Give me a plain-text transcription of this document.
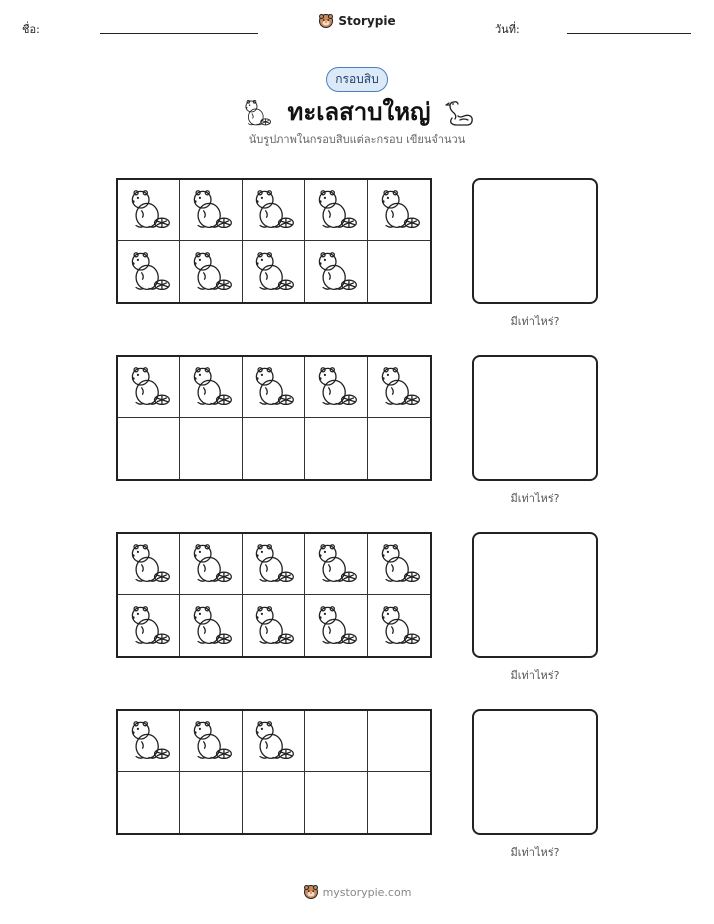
ชื่อ:
Storypie
วันที่:
กรอบสิบ
ทะเลสาบใหญ่
นับรูปภาพในกรอบสิบแต่ละกรอบ เขียนจำนวน
มีเท่าไหร่?
มีเท่าไหร่?
มีเท่าไหร่?
มีเท่าไหร่?
mystorypie.com
